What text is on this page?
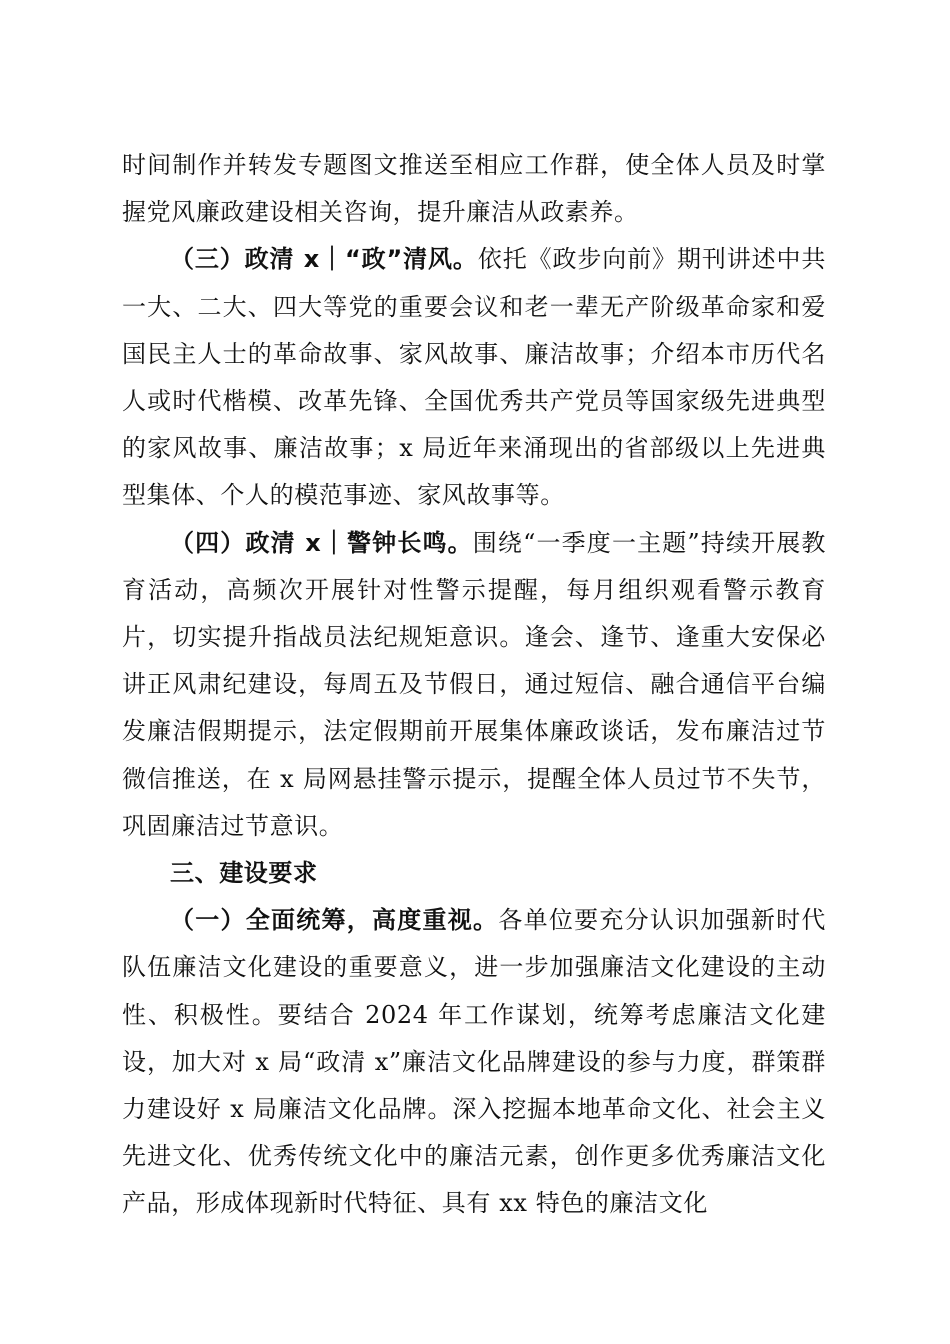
时间制作并转发专题图文推送至相应工作群，使全体人员及时掌握党风廉政建设相关咨询，提升廉洁从政素养。

（三）政清 x｜“政”清风。依托《政步向前》期刊讲述中共一大、二大、四大等党的重要会议和老一辈无产阶级革命家和爱国民主人士的革命故事、家风故事、廉洁故事；介绍本市历代名人或时代楷模、改革先锋、全国优秀共产党员等国家级先进典型的家风故事、廉洁故事；x 局近年来涌现出的省部级以上先进典型集体、个人的模范事迹、家风故事等。

（四）政清 x｜警钟长鸣。围绕“一季度一主题”持续开展教育活动，高频次开展针对性警示提醒，每月组织观看警示教育片，切实提升指战员法纪规矩意识。逢会、逢节、逢重大安保必讲正风肃纪建设，每周五及节假日，通过短信、融合通信平台编发廉洁假期提示，法定假期前开展集体廉政谈话，发布廉洁过节微信推送，在 x 局网悬挂警示提示，提醒全体人员过节不失节，巩固廉洁过节意识。

三、建设要求

（一）全面统筹，高度重视。各单位要充分认识加强新时代队伍廉洁文化建设的重要意义，进一步加强廉洁文化建设的主动性、积极性。要结合 2024 年工作谋划，统筹考虑廉洁文化建设，加大对 x 局“政清 x”廉洁文化品牌建设的参与力度，群策群力建设好 x 局廉洁文化品牌。深入挖掘本地革命文化、社会主义先进文化、优秀传统文化中的廉洁元素，创作更多优秀廉洁文化产品，形成体现新时代特征、具有 xx 特色的廉洁文化
